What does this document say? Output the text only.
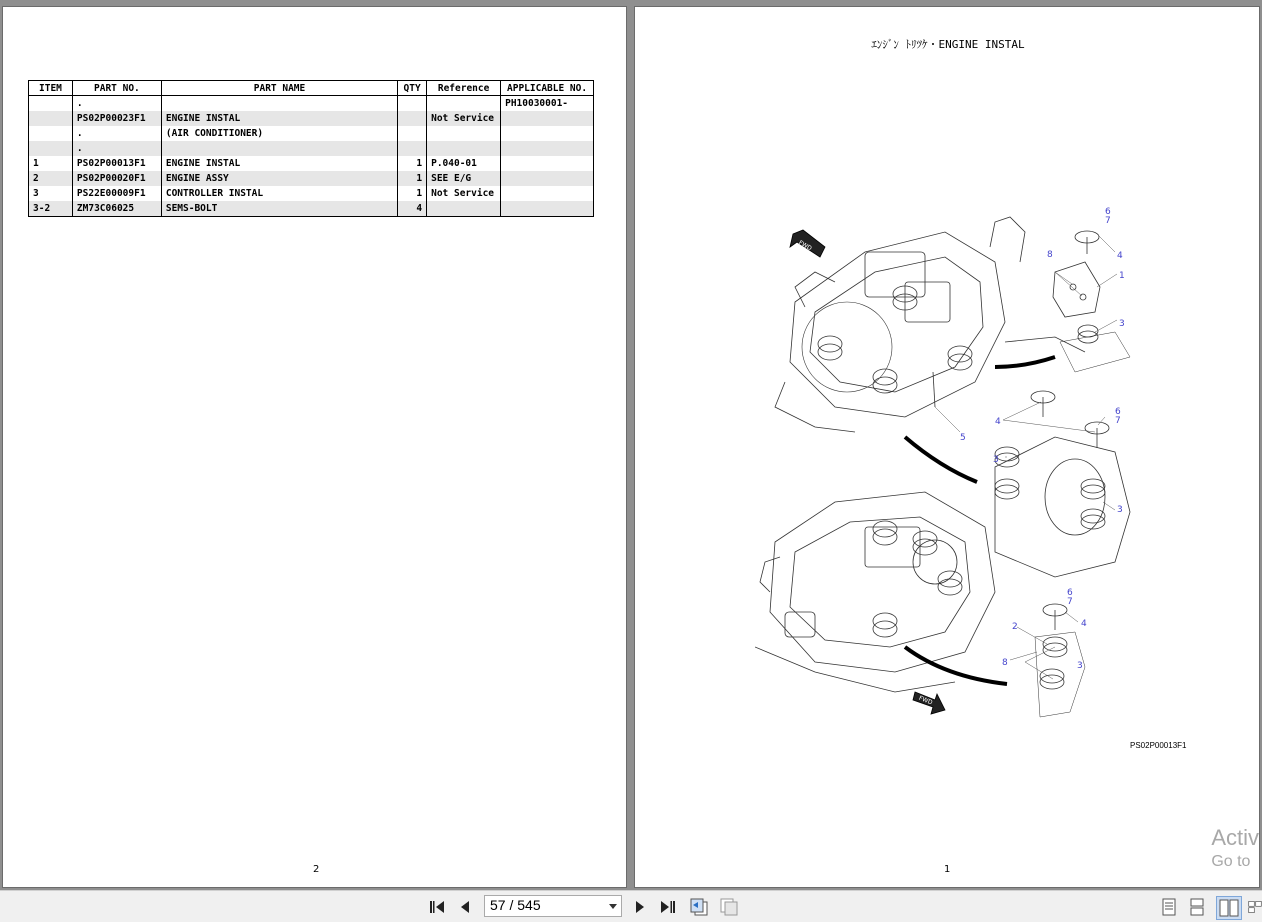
ITEM	PART NO.	PART NAME	QTY	Reference	APPLICABLE NO.
	.				PH10030001-
	PS02P00023F1	ENGINE INSTAL		Not Service	
	.	(AIR CONDITIONER)			
	.				
1	PS02P00013F1	ENGINE INSTAL	1	P.040-01	
2	PS02P00020F1	ENGINE ASSY	1	SEE E/G	
3	PS22E00009F1	CONTROLLER INSTAL	1	Not Service	
3-2	ZM73C06025	SEMS-BOLT	4		
2
ｴﾝｼﾞﾝ ﾄﾘﾂｹ・ENGINE INSTAL
6
7
8	4
1
3
5
4
6
7
3
3
6
7
4
2
8	3
FWD
FWD
PS02P00013F1
1
Activ
Go to
57 / 545
